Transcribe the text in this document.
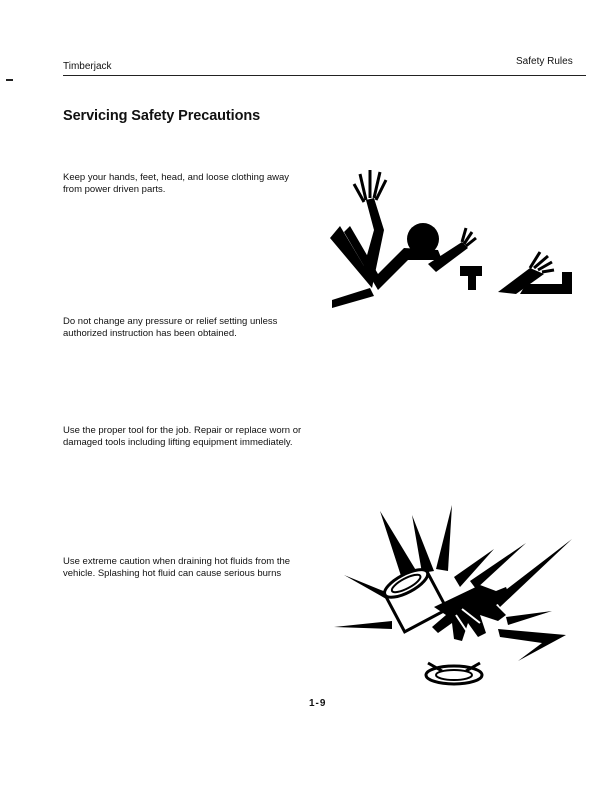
Timberjack	Safety Rules
Servicing Safety Precautions
Keep your hands, feet, head, and loose clothing away from power driven parts.
Do not change any pressure or relief setting unless authorized instruction has been obtained.
Use the proper tool for the job. Repair or replace worn or damaged tools including lifting equipment immediately.
Use extreme caution when draining hot fluids from the vehicle. Splashing hot fluid can cause serious burns
1-9
